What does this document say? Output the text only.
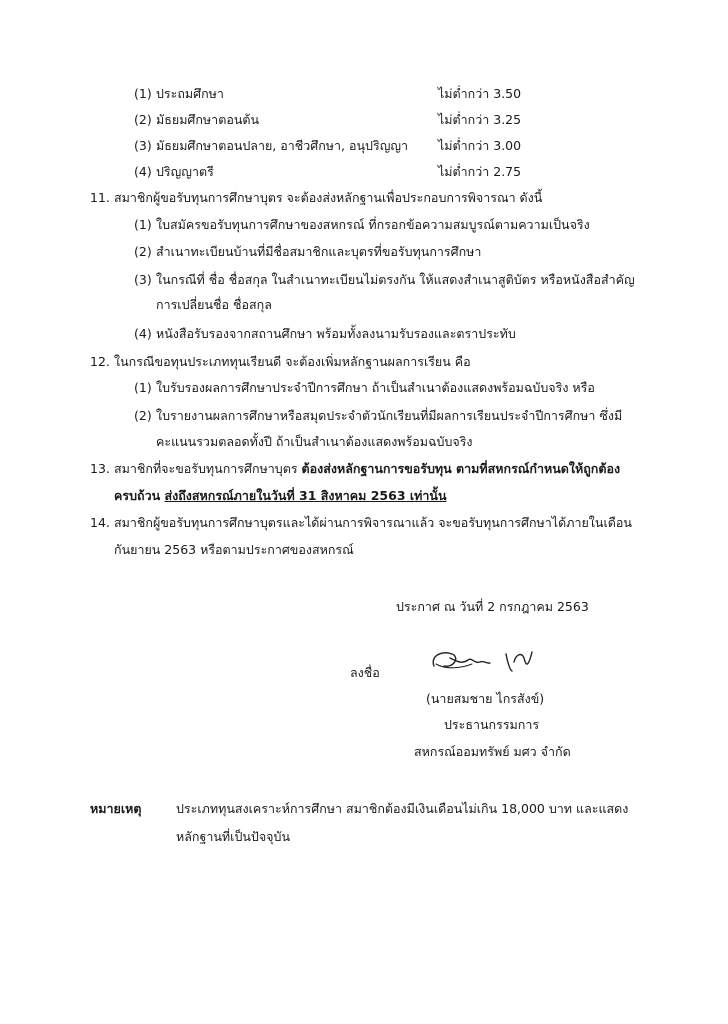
(1) ประถมศึกษา	ไม่ต่ำกว่า 3.50
(2) มัธยมศึกษาตอนต้น	ไม่ต่ำกว่า 3.25
(3) มัธยมศึกษาตอนปลาย, อาชีวศึกษา, อนุปริญญา ไม่ต่ำกว่า 3.00
(4) ปริญญาตรี	ไม่ต่ำกว่า 2.75
11. สมาชิกผู้ขอรับทุนการศึกษาบุตร จะต้องส่งหลักฐานเพื่อประกอบการพิจารณา ดังนี้
(1) ใบสมัครขอรับทุนการศึกษาของสหกรณ์ ที่กรอกข้อความสมบูรณ์ตามความเป็นจริง
(2) สำเนาทะเบียนบ้านที่มีชื่อสมาชิกและบุตรที่ขอรับทุนการศึกษา
(3) ในกรณีที่ ชื่อ ชื่อสกุล ในสำเนาทะเบียนไม่ตรงกัน ให้แสดงสำเนาสูติบัตร หรือหนังสือสำคัญ
การเปลี่ยนชื่อ ชื่อสกุล
(4) หนังสือรับรองจากสถานศึกษา พร้อมทั้งลงนามรับรองและตราประทับ
12. ในกรณีขอทุนประเภททุนเรียนดี จะต้องเพิ่มหลักฐานผลการเรียน คือ
(1) ใบรับรองผลการศึกษาประจำปีการศึกษา ถ้าเป็นสำเนาต้องแสดงพร้อมฉบับจริง หรือ
(2) ใบรายงานผลการศึกษาหรือสมุดประจำตัวนักเรียนที่มีผลการเรียนประจำปีการศึกษา ซึ่งมี
คะแนนรวมตลอดทั้งปี ถ้าเป็นสำเนาต้องแสดงพร้อมฉบับจริง
13. สมาชิกที่จะขอรับทุนการศึกษาบุตร ต้องส่งหลักฐานการขอรับทุน ตามที่สหกรณ์กำหนดให้ถูกต้อง
ครบถ้วน ส่งถึงสหกรณ์ภายในวันที่ 31 สิงหาคม 2563 เท่านั้น
14. สมาชิกผู้ขอรับทุนการศึกษาบุตรและได้ผ่านการพิจารณาแล้ว จะขอรับทุนการศึกษาได้ภายในเดือน
กันยายน 2563 หรือตามประกาศของสหกรณ์
ประกาศ ณ วันที่ 2 กรกฎาคม 2563
ลงชื่อ
(นายสมชาย ไกรสังข์)
ประธานกรรมการ
สหกรณ์ออมทรัพย์ มศว จำกัด
หมายเหตุ	ประเภททุนสงเคราะห์การศึกษา สมาชิกต้องมีเงินเดือนไม่เกิน 18,000 บาท และแสดง
หลักฐานที่เป็นปัจจุบัน
